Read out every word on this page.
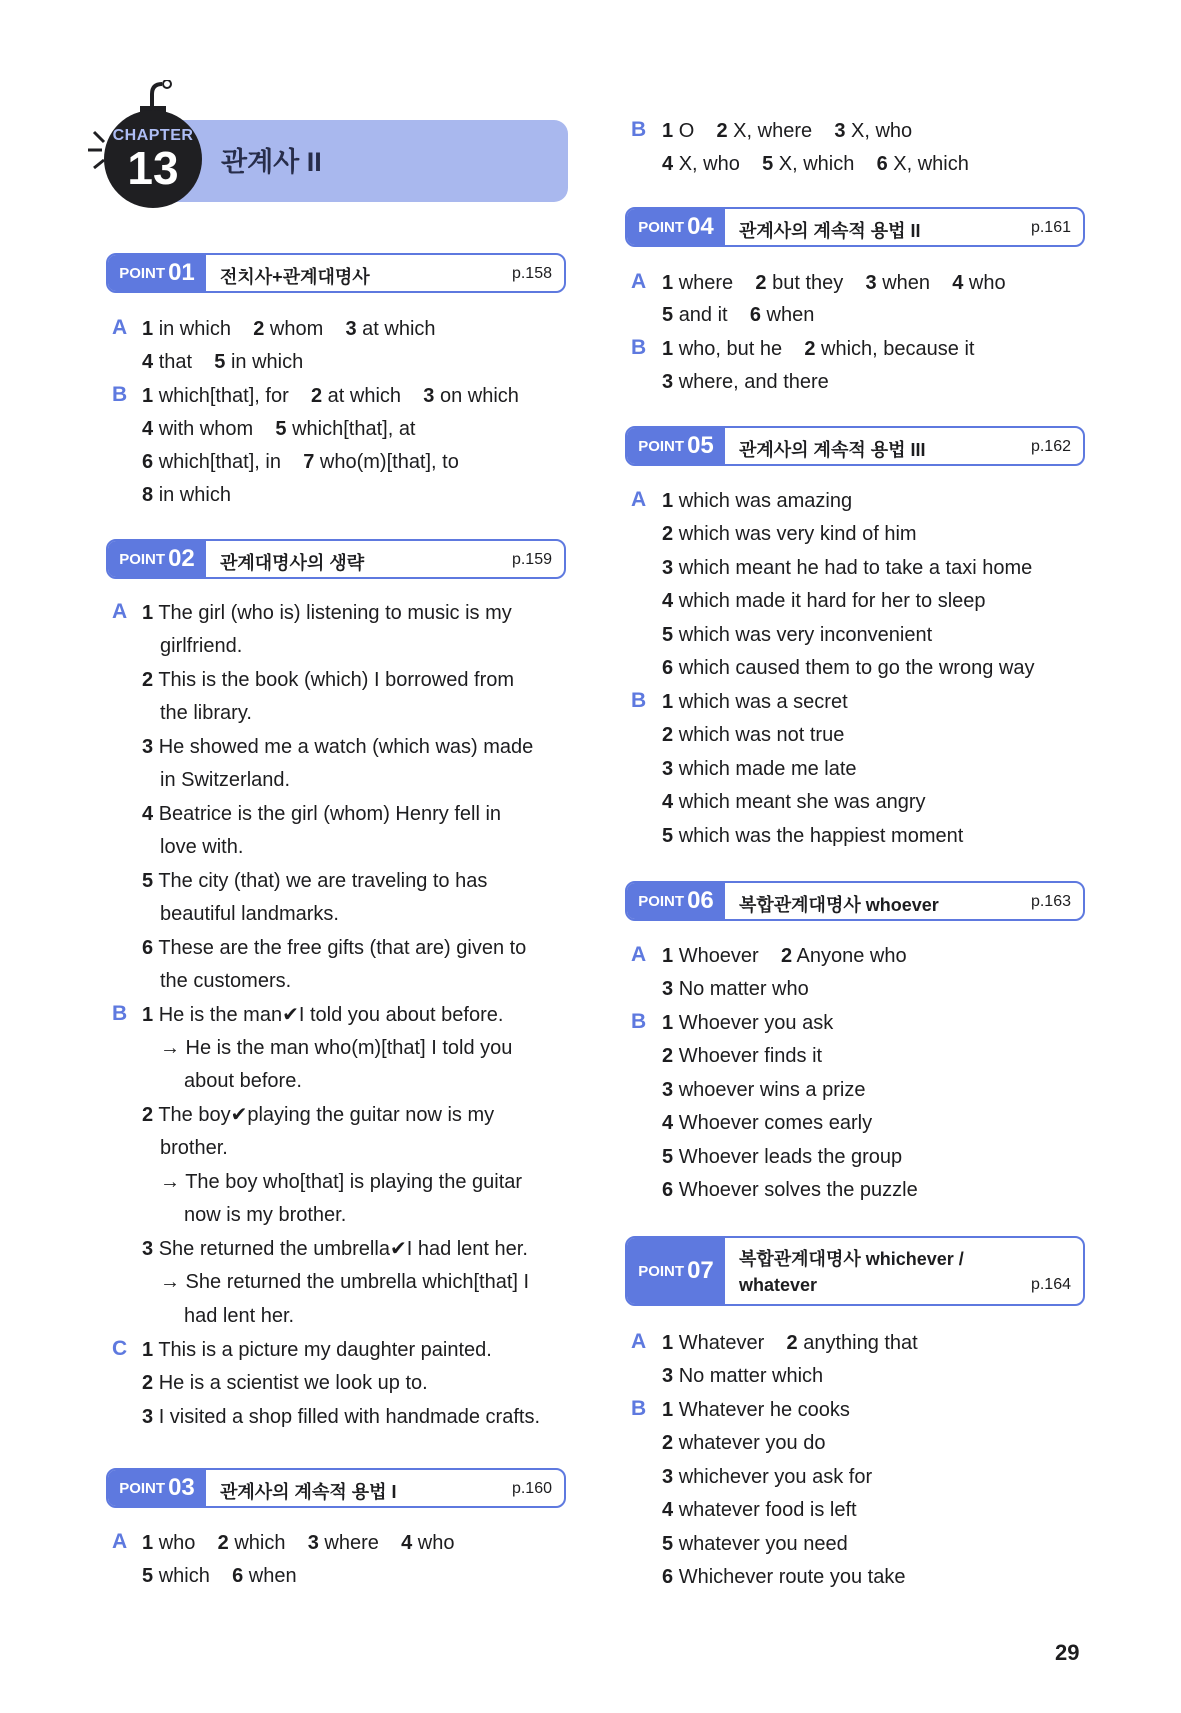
관계사 II
CHAPTER
13
POINT 01 전치사+관계대명사	p.158
A 1 in which 2 whom 3 at which
4 that 5 in which
B 1 which[that], for 2 at which 3 on which
4 with whom 5 which[that], at
6 which[that], in 7 who(m)[that], to
8 in which
POINT 02 관계대명사의 생략	p.159
A 1 The girl (who is) listening to music is my
girlfriend.
2 This is the book (which) I borrowed from
the library.
3 He showed me a watch (which was) made
in Switzerland.
4 Beatrice is the girl (whom) Henry fell in
love with.
5 The city (that) we are traveling to has
beautiful landmarks.
6 These are the free gifts (that are) given to
the customers.
B 1 He is the man✔I told you about before.
→ He is the man who(m)[that] I told you
about before.
2 The boy✔playing the guitar now is my
brother.
→ The boy who[that] is playing the guitar
now is my brother.
3 She returned the umbrella✔I had lent her.
→ She returned the umbrella which[that] I
had lent her.
C 1 This is a picture my daughter painted.
2 He is a scientist we look up to.
3 I visited a shop filled with handmade crafts.
POINT 03 관계사의 계속적 용법 I	p.160
A 1 who 2 which 3 where 4 who
5 which 6 when
B 1 O 2 X, where 3 X, who
4 X, who 5 X, which 6 X, which
POINT 04 관계사의 계속적 용법 II	p.161
A 1 where 2 but they 3 when 4 who
5 and it 6 when
B 1 who, but he 2 which, because it
3 where, and there
POINT 05 관계사의 계속적 용법 III	p.162
A 1 which was amazing
2 which was very kind of him
3 which meant he had to take a taxi home
4 which made it hard for her to sleep
5 which was very inconvenient
6 which caused them to go the wrong way
B 1 which was a secret
2 which was not true
3 which made me late
4 which meant she was angry
5 which was the happiest moment
POINT 06 복합관계대명사 whoever	p.163
A 1 Whoever 2 Anyone who
3 No matter who
B 1 Whoever you ask
2 Whoever finds it
3 whoever wins a prize
4 Whoever comes early
5 Whoever leads the group
6 Whoever solves the puzzle
POINT 07 복합관계대명사 whichever /
whatever	p.164
A 1 Whatever 2 anything that
3 No matter which
B 1 Whatever he cooks
2 whatever you do
3 whichever you ask for
4 whatever food is left
5 whatever you need
6 Whichever route you take
29
